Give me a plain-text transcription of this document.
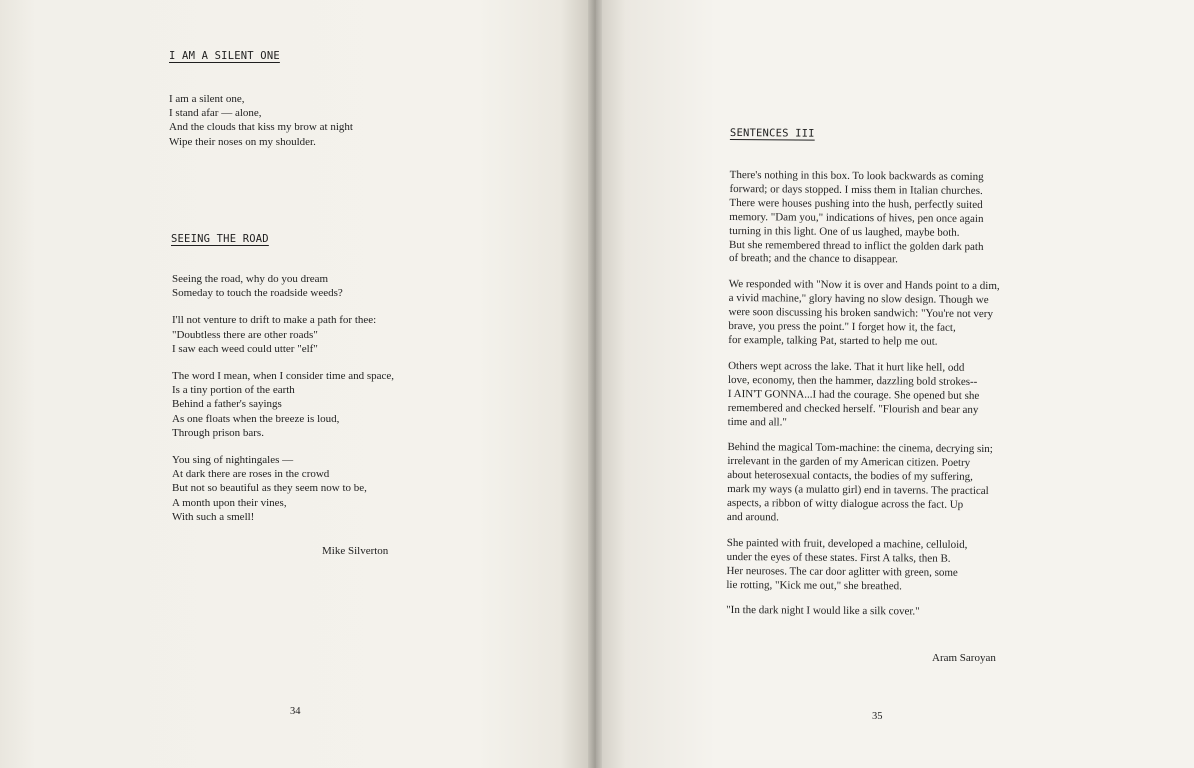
I AM A SILENT ONE
I am a silent one,
I stand afar — alone,
And the clouds that kiss my brow at night
Wipe their noses on my shoulder.
SEEING THE ROAD
Seeing the road, why do you dream
Someday to touch the roadside weeds?
I'll not venture to drift to make a path for thee:
"Doubtless there are other roads"
I saw each weed could utter "elf"
The word I mean, when I consider time and space,
Is a tiny portion of the earth
Behind a father's sayings
As one floats when the breeze is loud,
Through prison bars.
You sing of nightingales —
At dark there are roses in the crowd
But not so beautiful as they seem now to be,
A month upon their vines,
With such a smell!
Mike Silverton
34
SENTENCES III
There's nothing in this box. To look backwards as coming
forward; or days stopped. I miss them in Italian churches.
There were houses pushing into the hush, perfectly suited
memory. "Dam you," indications of hives, pen once again
turning in this light. One of us laughed, maybe both.
But she remembered thread to inflict the golden dark path
of breath; and the chance to disappear.
We responded with "Now it is over and Hands point to a dim,
a vivid machine," glory having no slow design. Though we
were soon discussing his broken sandwich: "You're not very
brave, you press the point." I forget how it, the fact,
for example, talking Pat, started to help me out.
Others wept across the lake. That it hurt like hell, odd
love, economy, then the hammer, dazzling bold strokes--
I AIN'T GONNA...I had the courage. She opened but she
remembered and checked herself. "Flourish and bear any
time and all."
Behind the magical Tom-machine: the cinema, decrying sin;
irrelevant in the garden of my American citizen. Poetry
about heterosexual contacts, the bodies of my suffering,
mark my ways (a mulatto girl) end in taverns. The practical
aspects, a ribbon of witty dialogue across the fact. Up
and around.
She painted with fruit, developed a machine, celluloid,
under the eyes of these states. First A talks, then B.
Her neuroses. The car door aglitter with green, some
lie rotting, "Kick me out," she breathed.
"In the dark night I would like a silk cover."
Aram Saroyan
35
